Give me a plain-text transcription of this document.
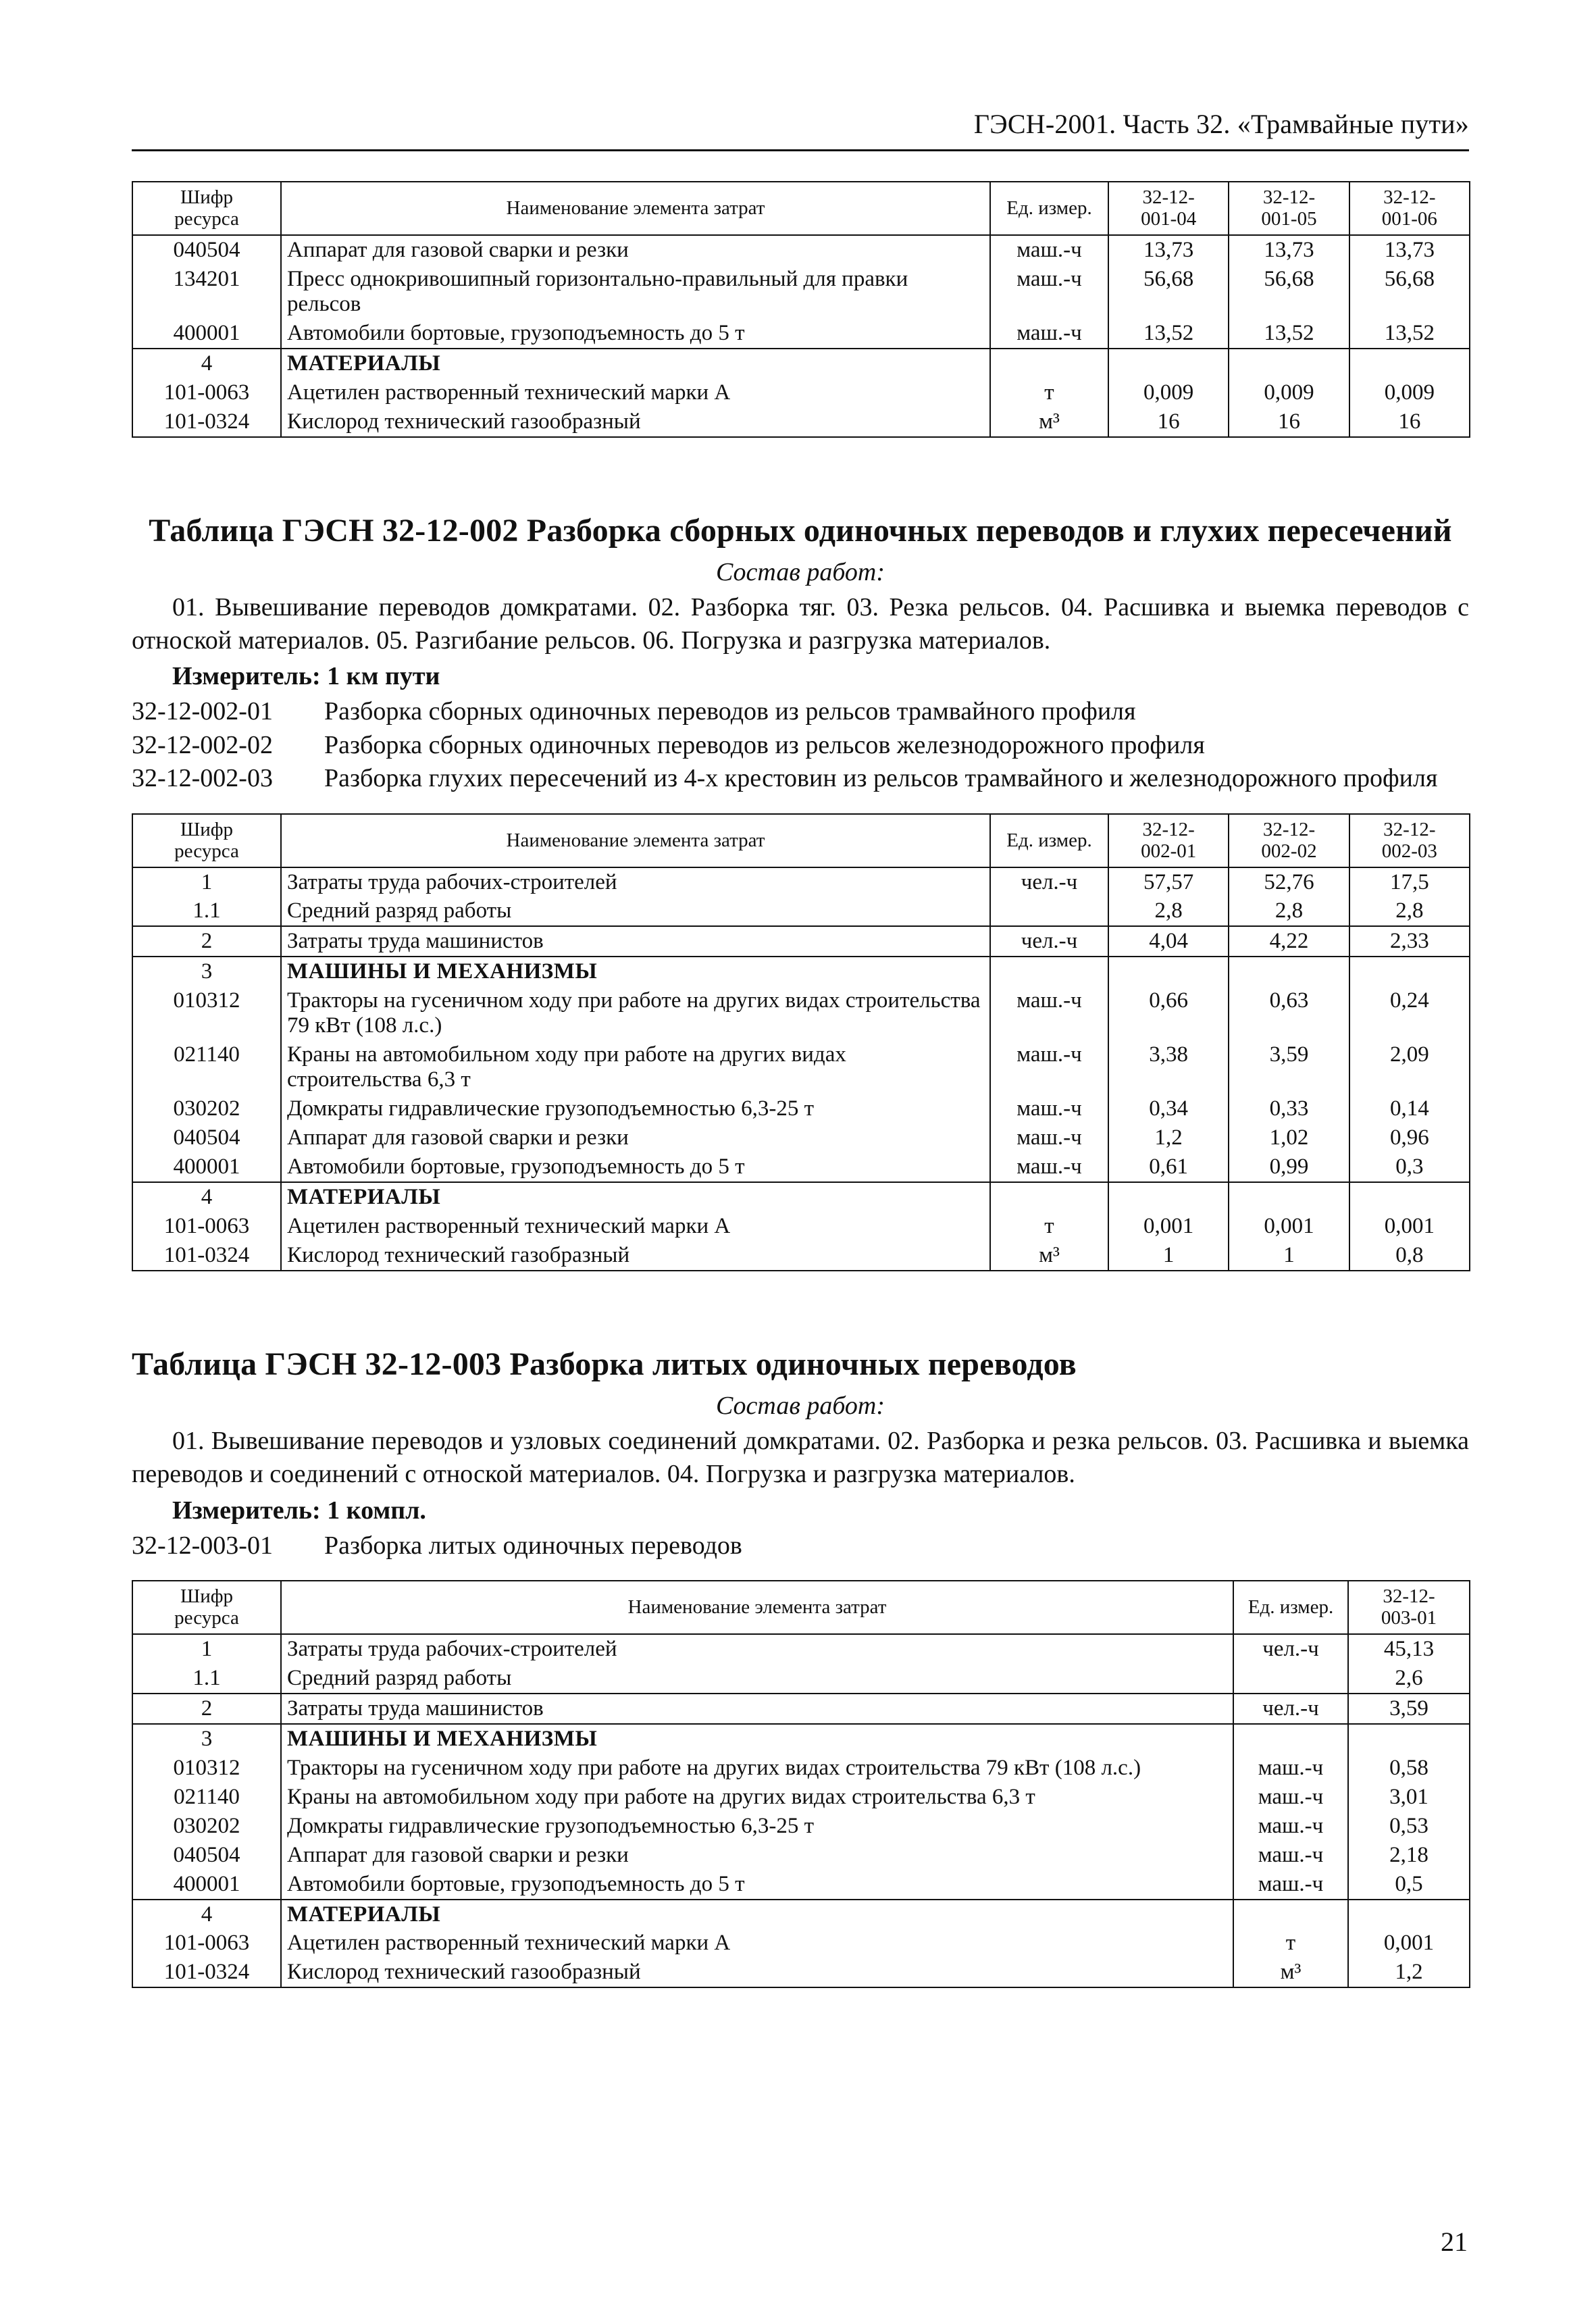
ГЭСН-2001. Часть 32. «Трамвайные пути»
Шифр
ресурса	Наименование элемента затрат	Ед. измер.	32-12-
001-04	32-12-
001-05	32-12-
001-06
040504	Аппарат для газовой сварки и резки	маш.-ч	13,73	13,73	13,73
134201	Пресс однокривошипный горизонтально-правильный для правки рельсов	маш.-ч	56,68	56,68	56,68
400001	Автомобили бортовые, грузоподъемность до 5 т	маш.-ч	13,52	13,52	13,52
4	МАТЕРИАЛЫ				
101-0063	Ацетилен растворенный технический марки А	т	0,009	0,009	0,009
101-0324	Кислород технический газообразный	м³	16	16	16
Таблица ГЭСН 32-12-002 Разборка сборных одиночных переводов и глухих пересечений
Состав работ:

01. Вывешивание переводов домкратами. 02. Разборка тяг. 03. Резка рельсов. 04. Расшивка и выемка переводов с отноской материалов. 05. Разгибание рельсов. 06. Погрузка и разгрузка материалов.

Измеритель: 1 км пути
32-12-002-01	Разборка сборных одиночных переводов из рельсов трамвайного профиля
32-12-002-02	Разборка сборных одиночных переводов из рельсов железнодорожного профиля
32-12-002-03	Разборка глухих пересечений из 4-х крестовин из рельсов трамвайного и железнодорожного профиля
Шифр
ресурса	Наименование элемента затрат	Ед. измер.	32-12-
002-01	32-12-
002-02	32-12-
002-03
1	Затраты труда рабочих-строителей	чел.-ч	57,57	52,76	17,5
1.1	Средний разряд работы		2,8	2,8	2,8
2	Затраты труда машинистов	чел.-ч	4,04	4,22	2,33
3	МАШИНЫ И МЕХАНИЗМЫ				
010312	Тракторы на гусеничном ходу при работе на других видах строительства 79 кВт (108 л.с.)	маш.-ч	0,66	0,63	0,24
021140	Краны на автомобильном ходу при работе на других видах строительства 6,3 т	маш.-ч	3,38	3,59	2,09
030202	Домкраты гидравлические грузоподъемностью 6,3-25 т	маш.-ч	0,34	0,33	0,14
040504	Аппарат для газовой сварки и резки	маш.-ч	1,2	1,02	0,96
400001	Автомобили бортовые, грузоподъемность до 5 т	маш.-ч	0,61	0,99	0,3
4	МАТЕРИАЛЫ				
101-0063	Ацетилен растворенный технический марки А	т	0,001	0,001	0,001
101-0324	Кислород технический газобразный	м³	1	1	0,8
Таблица ГЭСН 32-12-003 Разборка литых одиночных переводов
Состав работ:

01. Вывешивание переводов и узловых соединений домкратами. 02. Разборка и резка рельсов. 03. Расшивка и выемка переводов и соединений с отноской материалов. 04. Погрузка и разгрузка материалов.

Измеритель: 1 компл.
32-12-003-01	Разборка литых одиночных переводов
Шифр
ресурса	Наименование элемента затрат	Ед. измер.	32-12-
003-01
1	Затраты труда рабочих-строителей	чел.-ч	45,13
1.1	Средний разряд работы		2,6
2	Затраты труда машинистов	чел.-ч	3,59
3	МАШИНЫ И МЕХАНИЗМЫ		
010312	Тракторы на гусеничном ходу при работе на других видах строительства 79 кВт (108 л.с.)	маш.-ч	0,58
021140	Краны на автомобильном ходу при работе на других видах строительства 6,3 т	маш.-ч	3,01
030202	Домкраты гидравлические грузоподъемностью 6,3-25 т	маш.-ч	0,53
040504	Аппарат для газовой сварки и резки	маш.-ч	2,18
400001	Автомобили бортовые, грузоподъемность до 5 т	маш.-ч	0,5
4	МАТЕРИАЛЫ		
101-0063	Ацетилен растворенный технический марки А	т	0,001
101-0324	Кислород технический газообразный	м³	1,2
21
